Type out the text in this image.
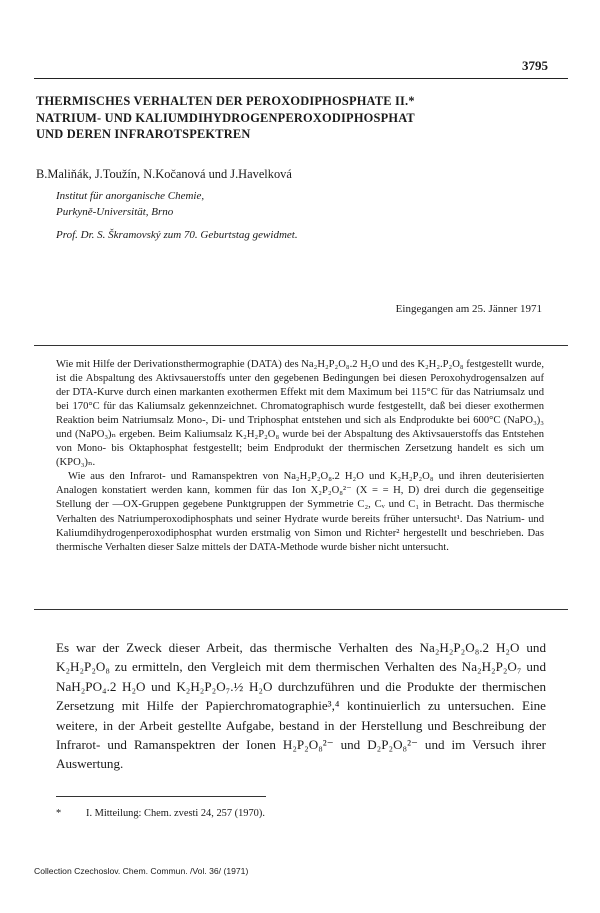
3795
THERMISCHES VERHALTEN DER PEROXODIPHOSPHATE II.*
NATRIUM- UND KALIUMDIHYDROGENPEROXODIPHOSPHAT
UND DEREN INFRAROTSPEKTREN
B.Maliňák, J.Toužín, N.Kočanová und J.Havelková
Institut für anorganische Chemie,
Purkyně-Universität, Brno
Prof. Dr. S. Škramovský zum 70. Geburtstag gewidmet.
Eingegangen am 25. Jänner 1971

Wie mit Hilfe der Derivationsthermographie (DATA) des Na₂H₂P₂O₈.2 H₂O und des K₂H₂.P₂O₈ festgestellt wurde, ist die Abspaltung des Aktivsauerstoffs unter den gegebenen Bedingungen bei diesen Peroxohydrogensalzen auf der DTA-Kurve durch einen markanten exothermen Effekt mit dem Maximum bei 115°C für das Natriumsalz und bei 170°C für das Kaliumsalz gekennzeichnet. Chromatographisch wurde festgestellt, daß bei dieser exothermen Reaktion beim Natriumsalz Mono-, Di- und Triphosphat entstehen und sich als Endprodukte bei 600°C (NaPO₃)₃ und (NaPO₃)ₙ ergeben. Beim Kaliumsalz K₂H₂P₂O₈ wurde bei der Abspaltung des Aktivsauerstoffs das Entstehen von Mono- bis Oktaphosphat festgestellt; beim Endprodukt der thermischen Zersetzung handelt es sich um (KPO₃)ₙ.

Wie aus den Infrarot- und Ramanspektren von Na₂H₂P₂O₈.2 H₂O und K₂H₂P₂O₈ und ihren deuterisierten Analogen konstatiert werden kann, kommen für das Ion X₂P₂O₈²⁻ (X = = H, D) drei durch die gegenseitige Stellung der —OX-Gruppen gegebene Punktgruppen der Symmetrie C₂, Cᵥ und C₁ in Betracht. Das thermische Verhalten des Natriumperoxodiphosphats und seiner Hydrate wurde bereits früher untersucht¹. Das Natrium- und Kaliumdihydrogenperoxodiphosphat wurden erstmalig von Simon und Richter² hergestellt und beschrieben. Das thermische Verhalten dieser Salze mittels der DATA-Methode wurde bisher nicht untersucht.

Es war der Zweck dieser Arbeit, das thermische Verhalten des Na₂H₂P₂O₈.2 H₂O und K₂H₂P₂O₈ zu ermitteln, den Vergleich mit dem thermischen Verhalten des Na₂H₂P₂O₇ und NaH₂PO₄.2 H₂O und K₂H₂P₂O₇.½ H₂O durchzuführen und die Produkte der thermischen Zersetzung mit Hilfe der Papierchromatographie³,⁴ kontinuierlich zu untersuchen. Eine weitere, in der Arbeit gestellte Aufgabe, bestand in der Herstellung und Beschreibung der Infrarot- und Ramanspektren der Ionen H₂P₂O₈²⁻ und D₂P₂O₈²⁻ und im Versuch ihrer Auswertung.
* I. Mitteilung: Chem. zvesti 24, 257 (1970).
Collection Czechoslov. Chem. Commun. /Vol. 36/ (1971)
